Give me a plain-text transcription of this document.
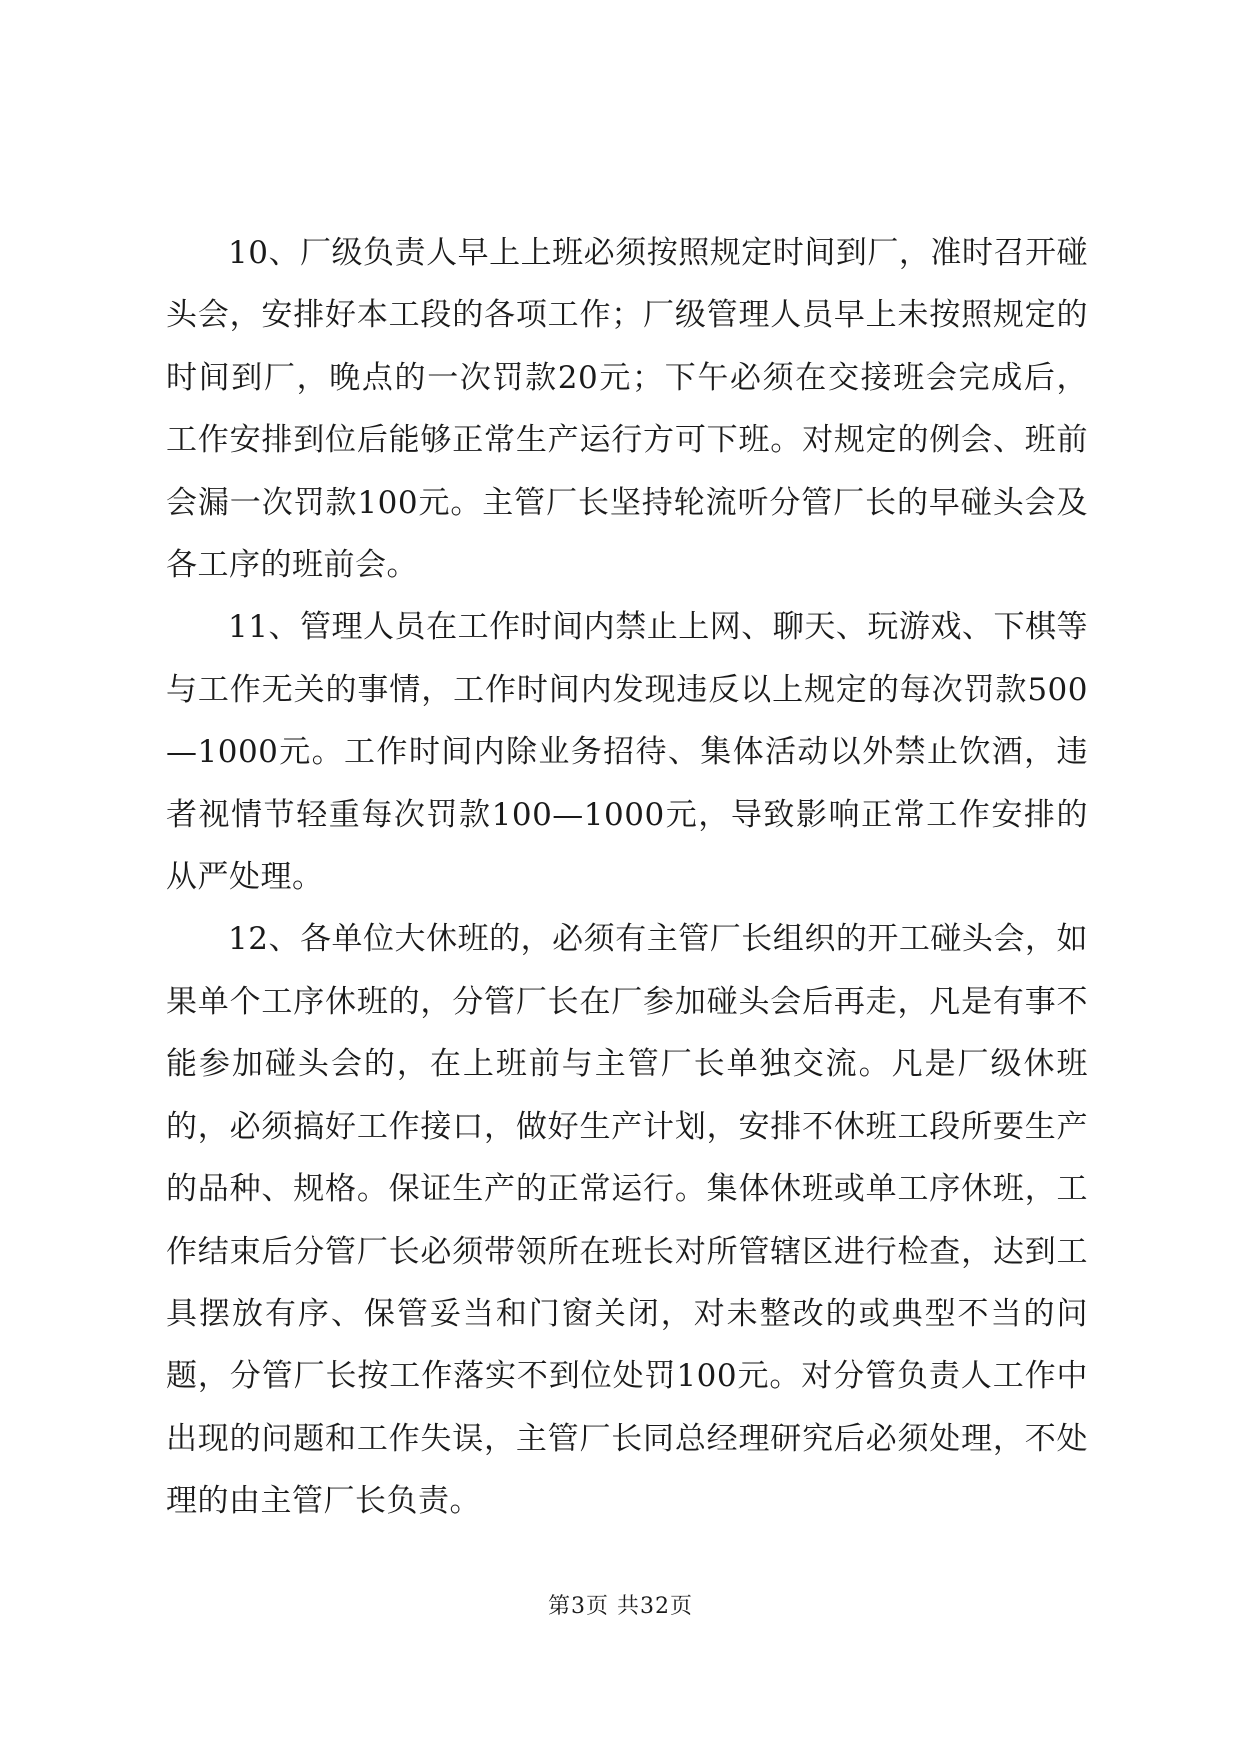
10、厂级负责人早上上班必须按照规定时间到厂，准时召开碰头会，安排好本工段的各项工作；厂级管理人员早上未按照规定的时间到厂，晚点的一次罚款20元；下午必须在交接班会完成后，工作安排到位后能够正常生产运行方可下班。对规定的例会、班前会漏一次罚款100元。主管厂长坚持轮流听分管厂长的早碰头会及各工序的班前会。

11、管理人员在工作时间内禁止上网、聊天、玩游戏、下棋等与工作无关的事情，工作时间内发现违反以上规定的每次罚款500—1000元。工作时间内除业务招待、集体活动以外禁止饮酒，违者视情节轻重每次罚款100—1000元，导致影响正常工作安排的从严处理。

12、各单位大休班的，必须有主管厂长组织的开工碰头会，如果单个工序休班的，分管厂长在厂参加碰头会后再走，凡是有事不能参加碰头会的，在上班前与主管厂长单独交流。凡是厂级休班的，必须搞好工作接口，做好生产计划，安排不休班工段所要生产的品种、规格。保证生产的正常运行。集体休班或单工序休班，工作结束后分管厂长必须带领所在班长对所管辖区进行检查，达到工具摆放有序、保管妥当和门窗关闭，对未整改的或典型不当的问题，分管厂长按工作落实不到位处罚100元。对分管负责人工作中出现的问题和工作失误，主管厂长同总经理研究后必须处理，不处理的由主管厂长负责。

第3页 共32页
